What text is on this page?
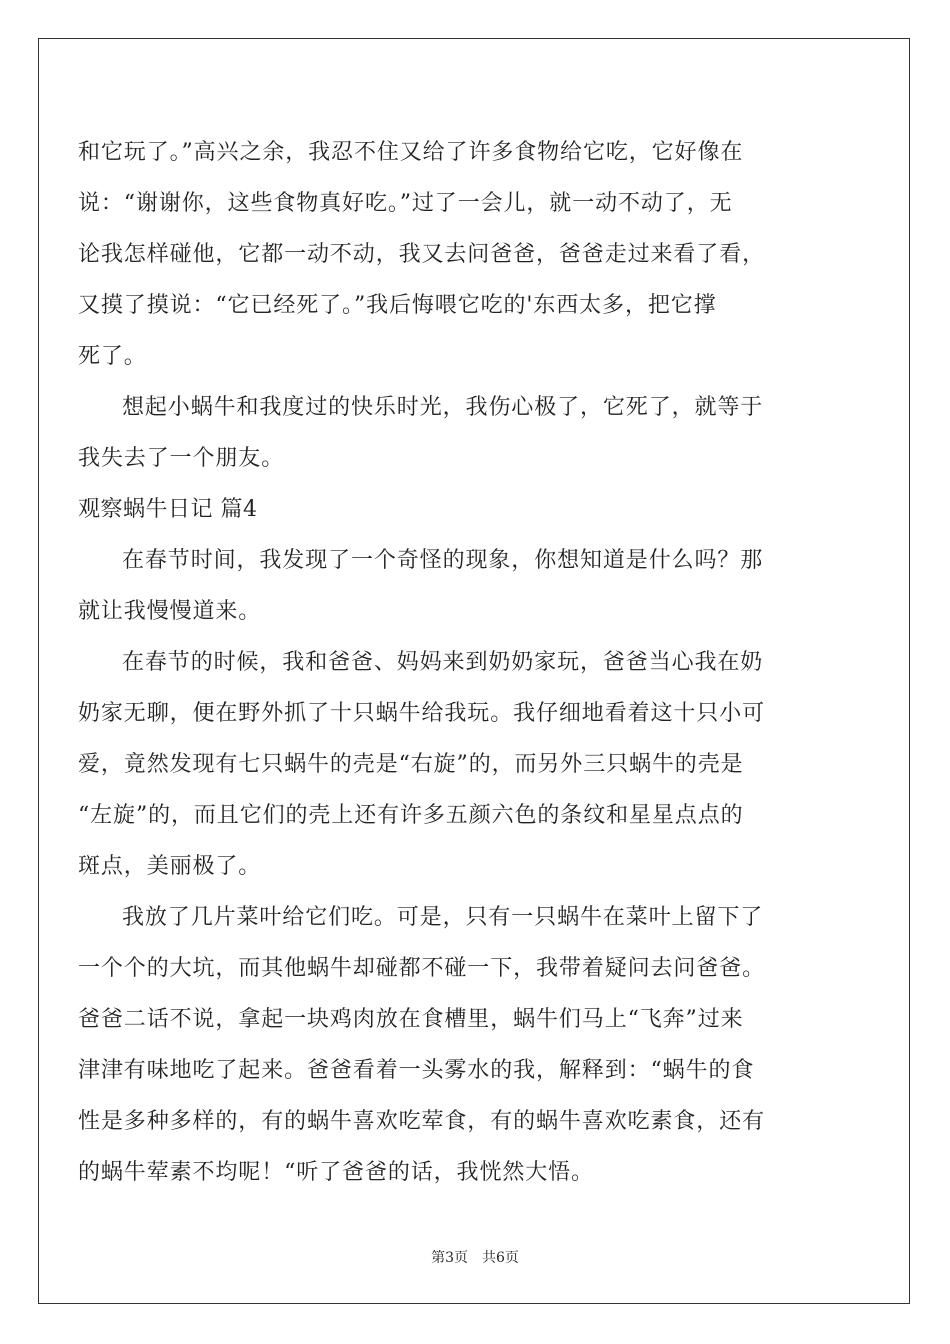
和它玩了。”高兴之余，我忍不住又给了许多食物给它吃，它好像在
说：“谢谢你，这些食物真好吃。”过了一会儿，就一动不动了，无
论我怎样碰他，它都一动不动，我又去问爸爸，爸爸走过来看了看，
又摸了摸说：“它已经死了。”我后悔喂它吃的'东西太多，把它撑
死了。
想起小蜗牛和我度过的快乐时光，我伤心极了，它死了，就等于
我失去了一个朋友。
观察蜗牛日记 篇4
在春节时间，我发现了一个奇怪的现象，你想知道是什么吗？那
就让我慢慢道来。
在春节的时候，我和爸爸、妈妈来到奶奶家玩，爸爸当心我在奶
奶家无聊，便在野外抓了十只蜗牛给我玩。我仔细地看着这十只小可
爱，竟然发现有七只蜗牛的壳是“右旋”的，而另外三只蜗牛的壳是
“左旋”的，而且它们的壳上还有许多五颜六色的条纹和星星点点的
斑点，美丽极了。
我放了几片菜叶给它们吃。可是，只有一只蜗牛在菜叶上留下了
一个个的大坑，而其他蜗牛却碰都不碰一下，我带着疑问去问爸爸。
爸爸二话不说，拿起一块鸡肉放在食槽里，蜗牛们马上“飞奔”过来
津津有味地吃了起来。爸爸看着一头雾水的我，解释到：“蜗牛的食
性是多种多样的，有的蜗牛喜欢吃荤食，有的蜗牛喜欢吃素食，还有
的蜗牛荤素不均呢！“听了爸爸的话，我恍然大悟。
第3页　共6页
